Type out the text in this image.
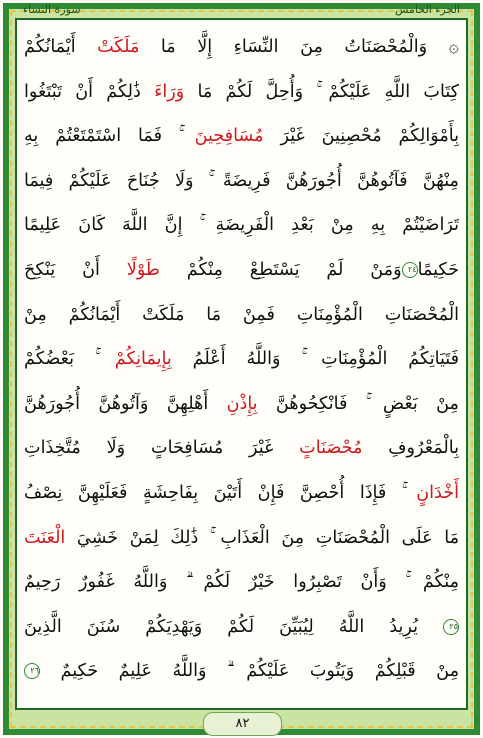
الجزء الخامس
سورة النساء
۞ وَالْمُحْصَنَاتُ مِنَ النِّسَاءِ إِلَّا مَا مَلَكَتْ أَيْمَانُكُمْ
كِتَابَ اللَّهِ عَلَيْكُمْ ۚ وَأُحِلَّ لَكُمْ مَا وَرَاءَ ذَٰلِكُمْ أَنْ تَبْتَغُوا
بِأَمْوَالِكُمْ مُحْصِنِينَ غَيْرَ مُسَافِحِينَ ۚ فَمَا اسْتَمْتَعْتُمْ بِهِ
مِنْهُنَّ فَآتُوهُنَّ أُجُورَهُنَّ فَرِيضَةً ۚ وَلَا جُنَاحَ عَلَيْكُمْ فِيمَا
تَرَاضَيْتُمْ بِهِ مِنْ بَعْدِ الْفَرِيضَةِ ۚ إِنَّ اللَّهَ كَانَ عَلِيمًا
حَكِيمًا٢٤وَمَنْ لَمْ يَسْتَطِعْ مِنْكُمْ طَوْلًا أَنْ يَنْكِحَ
الْمُحْصَنَاتِ الْمُؤْمِنَاتِ فَمِنْ مَا مَلَكَتْ أَيْمَانُكُمْ مِنْ
فَتَيَاتِكُمُ الْمُؤْمِنَاتِ ۚ وَاللَّهُ أَعْلَمُ بِإِيمَانِكُمْ ۚ بَعْضُكُمْ
مِنْ بَعْضٍ ۚ فَانْكِحُوهُنَّ بِإِذْنِ أَهْلِهِنَّ وَآتُوهُنَّ أُجُورَهُنَّ
بِالْمَعْرُوفِ مُحْصَنَاتٍ غَيْرَ مُسَافِحَاتٍ وَلَا مُتَّخِذَاتِ
أَخْدَانٍ ۚ فَإِذَا أُحْصِنَّ فَإِنْ أَتَيْنَ بِفَاحِشَةٍ فَعَلَيْهِنَّ نِصْفُ
مَا عَلَى الْمُحْصَنَاتِ مِنَ الْعَذَابِ ۚ ذَٰلِكَ لِمَنْ خَشِيَ الْعَنَتَ
مِنْكُمْ ۚ وَأَنْ تَصْبِرُوا خَيْرٌ لَكُمْ ۗ وَاللَّهُ غَفُورٌ رَحِيمٌ
٢٥ يُرِيدُ اللَّهُ لِيُبَيِّنَ لَكُمْ وَيَهْدِيَكُمْ سُنَنَ الَّذِينَ
مِنْ قَبْلِكُمْ وَيَتُوبَ عَلَيْكُمْ ۗ وَاللَّهُ عَلِيمٌ حَكِيمٌ ٢٦
٨٢
